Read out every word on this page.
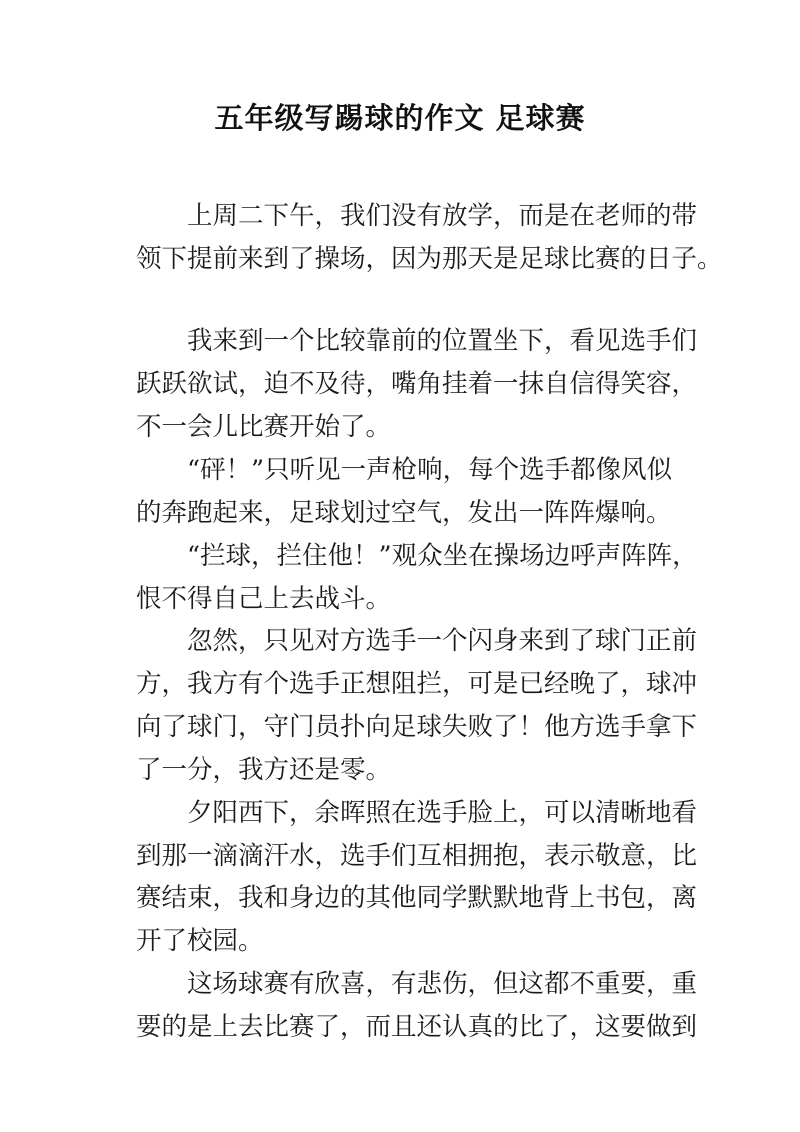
五年级写踢球的作文 足球赛
　　上周二下午，我们没有放学，而是在老师的带
领下提前来到了操场，因为那天是足球比赛的日子。
　　我来到一个比较靠前的位置坐下，看见选手们
跃跃欲试，迫不及待，嘴角挂着一抹自信得笑容，
不一会儿比赛开始了。
　　“砰！”只听见一声枪响，每个选手都像风似
的奔跑起来，足球划过空气，发出一阵阵爆响。
　　“拦球，拦住他！”观众坐在操场边呼声阵阵，
恨不得自己上去战斗。
　　忽然，只见对方选手一个闪身来到了球门正前
方，我方有个选手正想阻拦，可是已经晚了，球冲
向了球门，守门员扑向足球失败了！他方选手拿下
了一分，我方还是零。
　　夕阳西下，余晖照在选手脸上，可以清晰地看
到那一滴滴汗水，选手们互相拥抱，表示敬意，比
赛结束，我和身边的其他同学默默地背上书包，离
开了校园。
　　这场球赛有欣喜，有悲伤，但这都不重要，重
要的是上去比赛了，而且还认真的比了，这要做到
